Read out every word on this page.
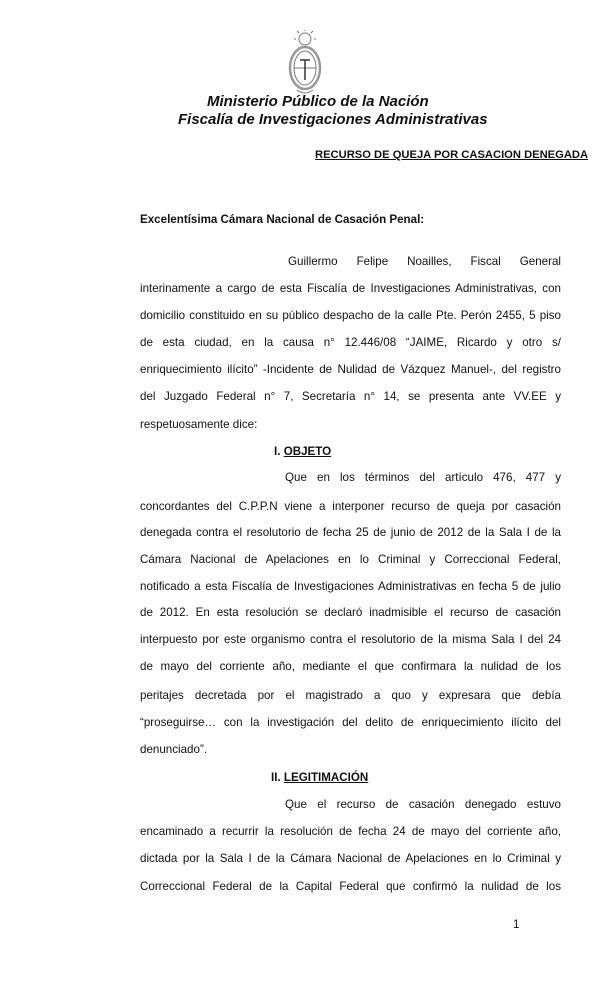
Ministerio Público de la Nación
Fiscalía de Investigaciones Administrativas
RECURSO DE QUEJA POR CASACION DENEGADA
Excelentísima Cámara Nacional de Casación Penal:
Guillermo Felipe Noailles, Fiscal General
interinamente a cargo de esta Fiscalía de Investigaciones Administrativas, con
domicilio constituido en su público despacho de la calle Pte. Perón 2455, 5 piso
de esta ciudad, en la causa n° 12.446/08 “JAIME, Ricardo y otro s/
enriquecimiento ilícito” -Incidente de Nulidad de Vázquez Manuel-, del registro
del Juzgado Federal n° 7, Secretaría n° 14, se presenta ante VV.EE y
respetuosamente dice:
I. OBJETO
Que en los términos del artículo 476, 477 y
concordantes del C.P.P.N viene a interponer recurso de queja por casación
denegada contra el resolutorio de fecha 25 de junio de 2012 de la Sala I de la
Cámara Nacional de Apelaciones en lo Criminal y Correccional Federal,
notificado a esta Fiscalía de Investigaciones Administrativas en fecha 5 de julio
de 2012. En esta resolución se declaró inadmisible el recurso de casación
interpuesto por este organismo contra el resolutorio de la misma Sala I del 24
de mayo del corriente año, mediante el que confirmara la nulidad de los
peritajes decretada por el magistrado a quo y expresara que debía
“proseguirse… con la investigación del delito de enriquecimiento ilícito del
denunciado”.
II. LEGITIMACIÓN
Que el recurso de casación denegado estuvo
encaminado a recurrir la resolución de fecha 24 de mayo del corriente año,
dictada por la Sala I de la Cámara Nacional de Apelaciones en lo Criminal y
Correccional Federal de la Capital Federal que confirmó la nulidad de los
1
